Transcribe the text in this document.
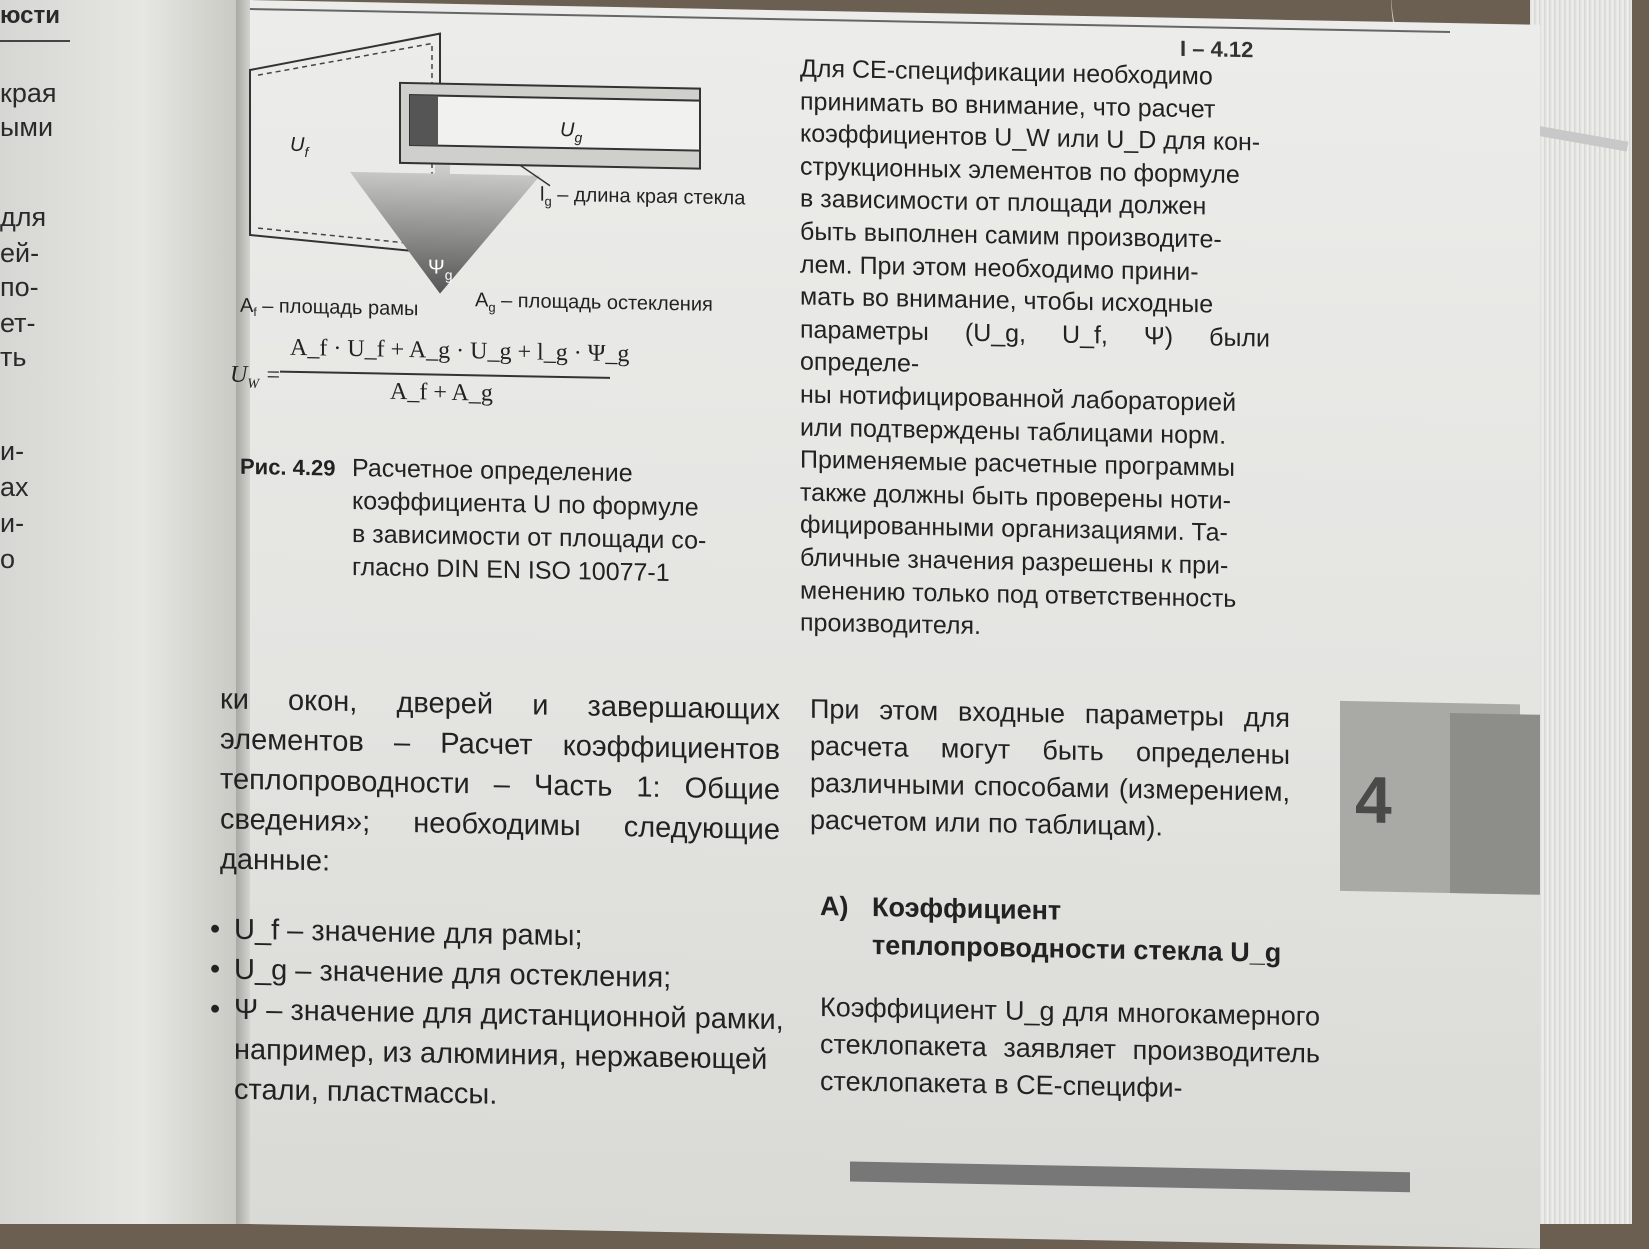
юсти
края
ыми
для
ей-
по-
ет-
ть
и-
ах
и-
о
I – 4.12
$U_f$
$U_g$
$l_g$ – длина края стекла
$\Psi_g$
$A_f$ – площадь рамы	$A_g$ – площадь остекления
$U_W$ =
A_f · U_f + A_g · U_g + l_g · Ψ_g
A_f + A_g
Рис. 4.29 Расчетное определение
коэффициента U по формуле
в зависимости от площади со-
гласно DIN EN ISO 10077-1
ки окон, дверей и завершающих элементов – Расчет коэффициентов теплопроводности – Часть 1: Общие сведения»; необходимы следующие данные:
• U_f – значение для рамы;
• U_g – значение для остекления;
• Ψ – значение для дистанционной рамки, например, из алюминия, нержавеющей стали, пластмассы.
Для CE-спецификации необходимо
принимать во внимание, что расчет
коэффициентов U_W или U_D для кон-
струкционных элементов по формуле
в зависимости от площади должен
быть выполнен самим производите-
лем. При этом необходимо прини-
мать во внимание, чтобы исходные
параметры (U_g, U_f, Ψ) были определе-
ны нотифицированной лабораторией
или подтверждены таблицами норм.
Применяемые расчетные программы
также должны быть проверены ноти-
фицированными организациями. Та-
бличные значения разрешены к при-
менению только под ответственность
производителя.
При этом входные параметры для расчета могут быть определены различными способами (измерением, расчетом или по таблицам).
A) Коэффициент
теплопроводности стекла U_g
Коэффициент U_g для многокамерного стеклопакета заявляет производитель стеклопакета в CE-специфи-
4
